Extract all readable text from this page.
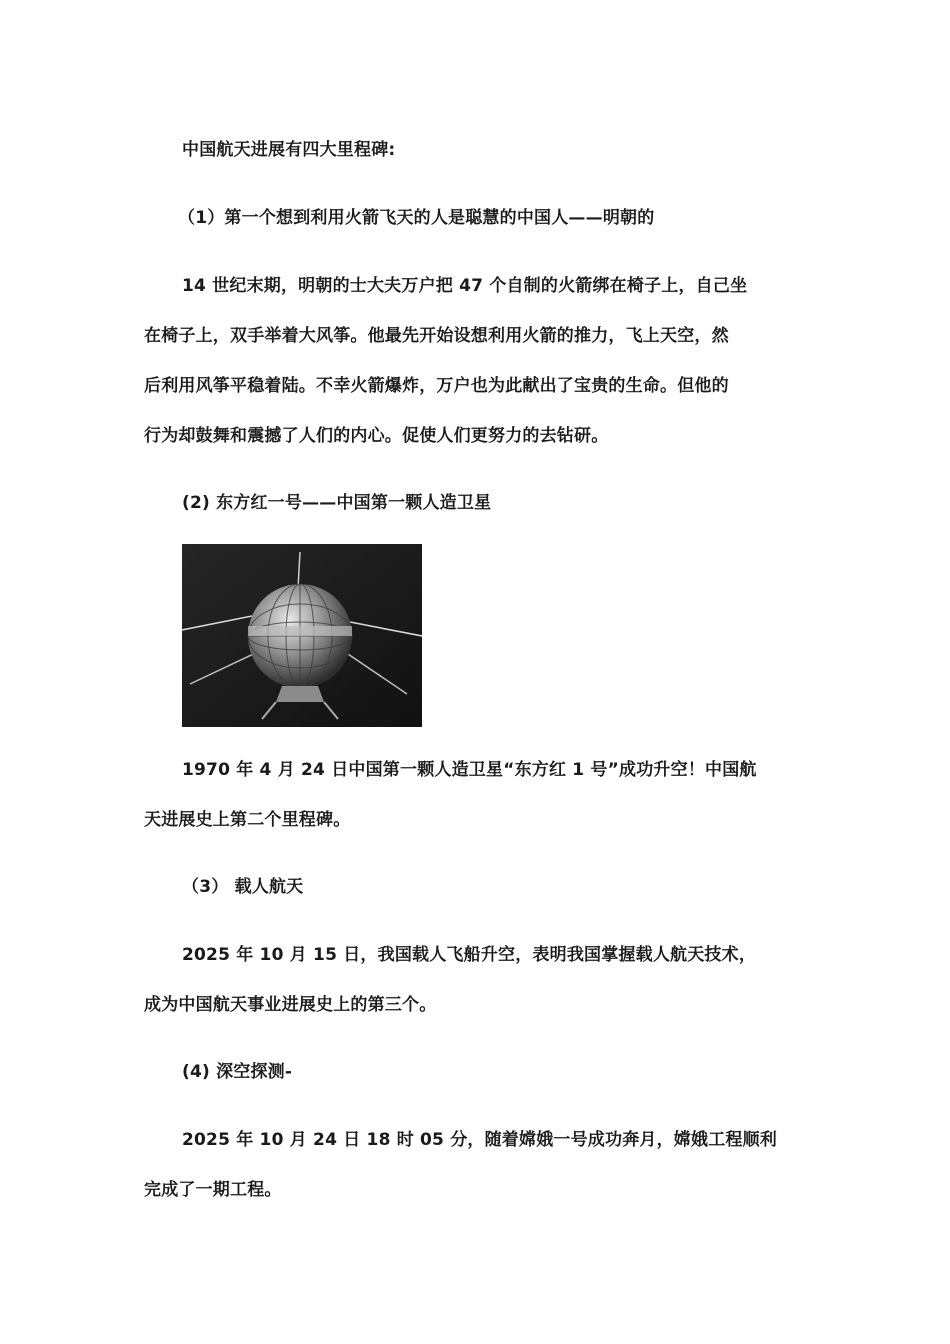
中国航天进展有四大里程碑:
（1）第一个想到利用火箭飞天的人是聪慧的中国人——明朝的
14 世纪末期，明朝的士大夫万户把 47 个自制的火箭绑在椅子上，自己坐
在椅子上，双手举着大风筝。他最先开始设想利用火箭的推力，飞上天空，然
后利用风筝平稳着陆。不幸火箭爆炸，万户也为此献出了宝贵的生命。但他的
行为却鼓舞和震撼了人们的内心。促使人们更努力的去钻研。
(2) 东方红一号——中国第一颗人造卫星
1970 年 4 月 24 日中国第一颗人造卫星“东方红 1 号”成功升空！中国航
天进展史上第二个里程碑。
（3） 载人航天
2025 年 10 月 15 日，我国载人飞船升空，表明我国掌握载人航天技术，
成为中国航天事业进展史上的第三个。
(4) 深空探测-
2025 年 10 月 24 日 18 时 05 分，随着嫦娥一号成功奔月，嫦娥工程顺利
完成了一期工程。
